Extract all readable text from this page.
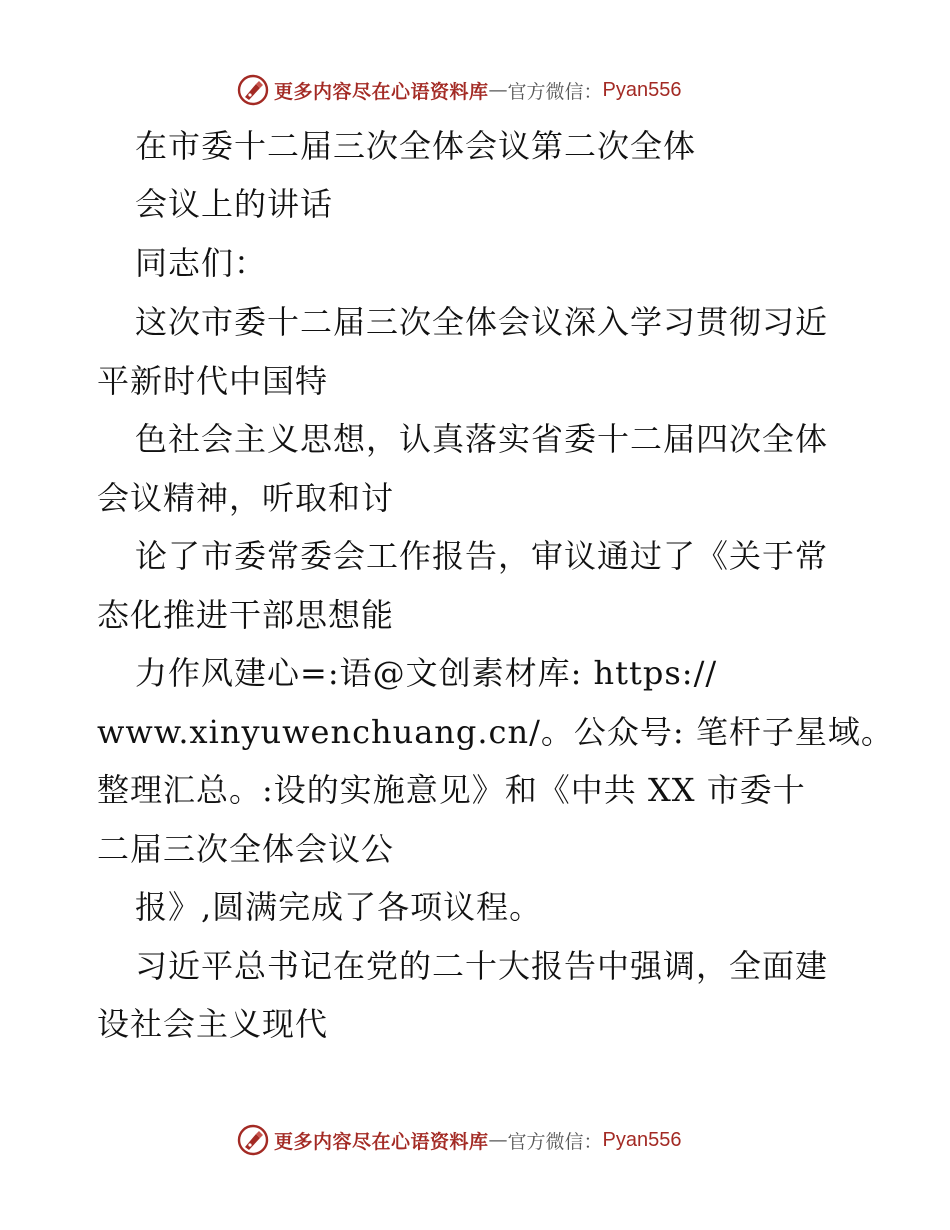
更多内容尽在心语资料库 — 官方微信： Pyan556
在市委十二届三次全体会议第二次全体
会议上的讲话
同志们：
这次市委十二届三次全体会议深入学习贯彻习近
平新时代中国特
色社会主义思想，认真落实省委十二届四次全体
会议精神，听取和讨
论了市委常委会工作报告，审议通过了《关于常
态化推进干部思想能
力作风建心=:语@文创素材库: https://
www.xinyuwenchuang.cn/。公众号: 笔杆子星域。
整理汇总。:设的实施意见》和《中共 XX 市委十
二届三次全体会议公
报》,圆满完成了各项议程。
习近平总书记在党的二十大报告中强调，全面建
设社会主义现代
更多内容尽在心语资料库 — 官方微信： Pyan556
